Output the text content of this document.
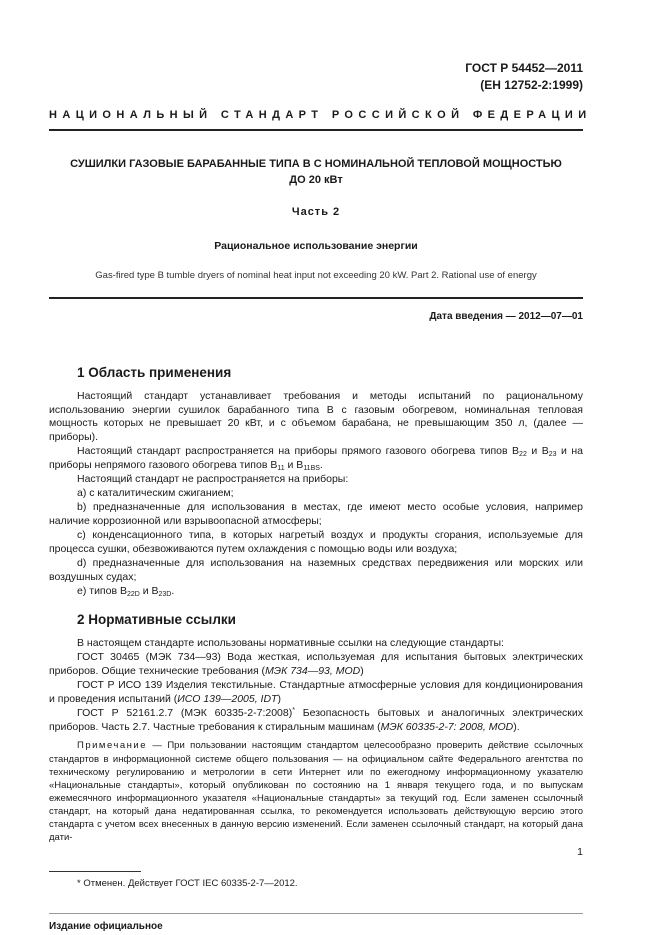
ГОСТ Р 54452—2011
(ЕН 12752-2:1999)
НАЦИОНАЛЬНЫЙ СТАНДАРТ РОССИЙСКОЙ ФЕДЕРАЦИИ
СУШИЛКИ ГАЗОВЫЕ БАРАБАННЫЕ ТИПА В С НОМИНАЛЬНОЙ ТЕПЛОВОЙ МОЩНОСТЬЮ
ДО 20 кВт
Часть 2
Рациональное использование энергии
Gas-fired type B tumble dryers of nominal heat input not exceeding 20 kW. Part 2. Rational use of energy
Дата введения — 2012—07—01
1 Область применения

Настоящий стандарт устанавливает требования и методы испытаний по рациональному использованию энергии сушилок барабанного типа В с газовым обогревом, номинальная тепловая мощность которых не превышает 20 кВт, и с объемом барабана, не превышающим 350 л, (далее — приборы).

Настоящий стандарт распространяется на приборы прямого газового обогрева типов $В_{22}$ и $В_{23}$ и на приборы непрямого газового обогрева типов $В_{11}$ и $В_{11BS}$.

Настоящий стандарт не распространяется на приборы:

а) с каталитическим сжиганием;

b) предназначенные для использования в местах, где имеют место особые условия, например наличие коррозионной или взрывоопасной атмосферы;

с) конденсационного типа, в которых нагретый воздух и продукты сгорания, используемые для процесса сушки, обезвоживаются путем охлаждения с помощью воды или воздуха;

d) предназначенные для использования на наземных средствах передвижения или морских или воздушных судах;

е) типов $В_{22D}$ и $В_{23D}$.

2 Нормативные ссылки

В настоящем стандарте использованы нормативные ссылки на следующие стандарты:

ГОСТ 30465 (МЭК 734—93) Вода жесткая, используемая для испытания бытовых электрических приборов. Общие технические требования (МЭК 734—93, MOD)

ГОСТ Р ИСО 139 Изделия текстильные. Стандартные атмосферные условия для кондиционирования и проведения испытаний (ИСО 139—2005, IDT)

ГОСТ Р 52161.2.7 (МЭК 60335-2-7:2008)* Безопасность бытовых и аналогичных электрических приборов. Часть 2.7. Частные требования к стиральным машинам (МЭК 60335-2-7: 2008, MOD).

Примечание — При пользовании настоящим стандартом целесообразно проверить действие ссылочных стандартов в информационной системе общего пользования — на официальном сайте Федерального агентства по техническому регулированию и метрологии в сети Интернет или по ежегодному информационному указателю «Национальные стандарты», который опубликован по состоянию на 1 января текущего года, и по выпускам ежемесячного информационного указателя «Национальные стандарты» за текущий год. Если заменен ссылочный стандарт, на который дана недатированная ссылка, то рекомендуется использовать действующую версию этого стандарта с учетом всех внесенных в данную версию изменений. Если заменен ссылочный стандарт, на который дана дати-

* Отменен. Действует ГОСТ IEC 60335-2-7—2012.
Издание официальное
1
